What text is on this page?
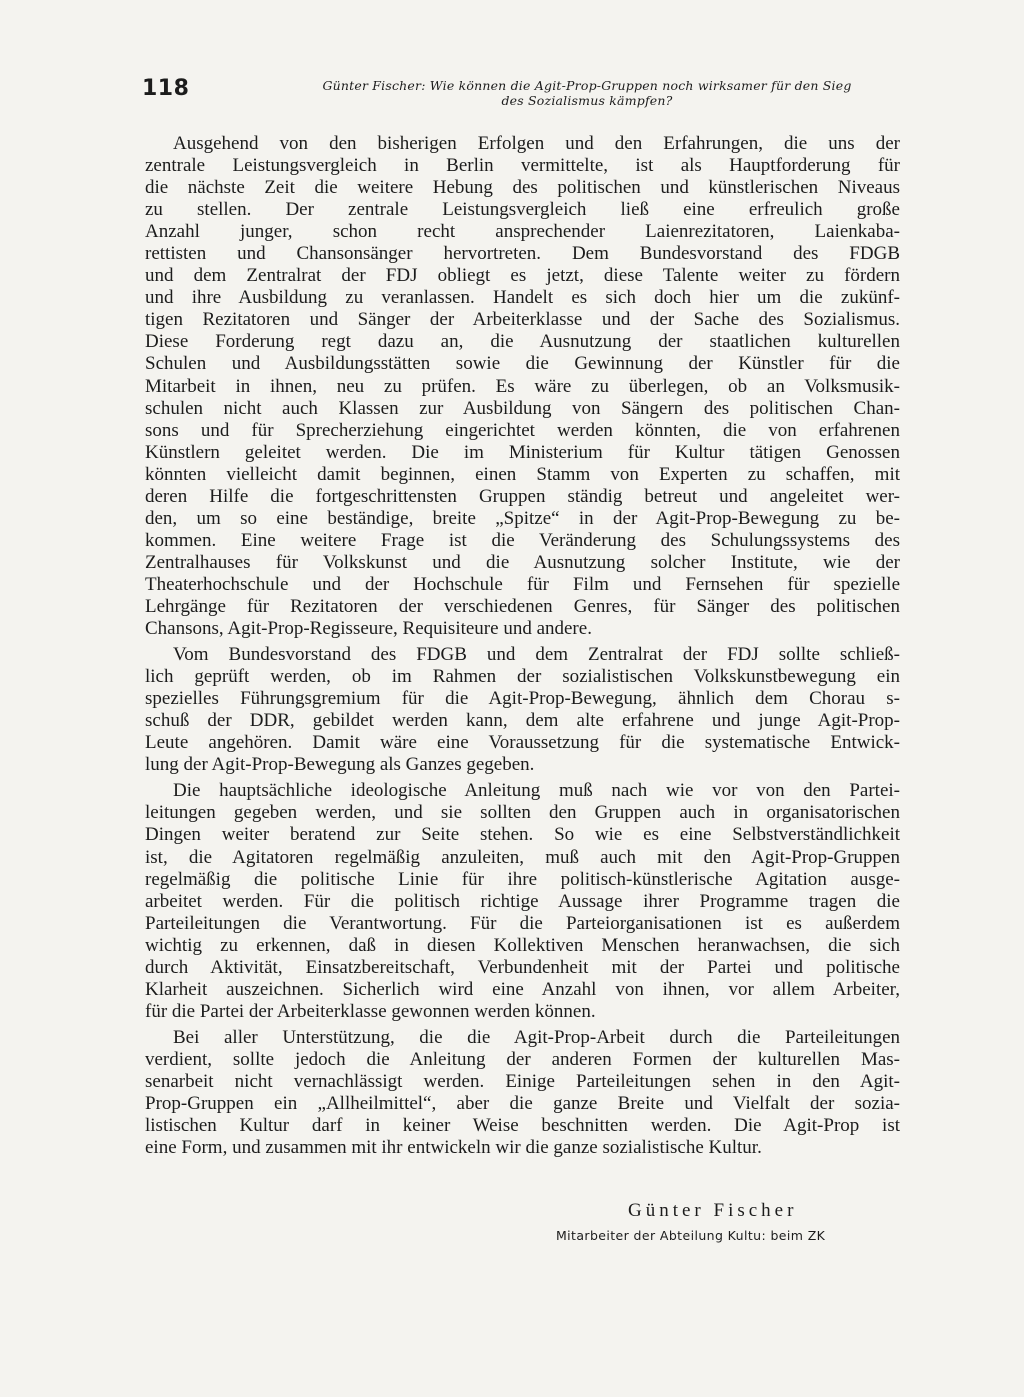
118	Günter Fischer: Wie können die Agit-Prop-Gruppen noch wirksamer für den Sieg
des Sozialismus kämpfen?
Ausgehend von den bisherigen Erfolgen und den Erfahrungen, die uns der
zentrale Leistungsvergleich in Berlin vermittelte, ist als Hauptforderung für
die nächste Zeit die weitere Hebung des politischen und künstlerischen Niveaus
zu stellen. Der zentrale Leistungsvergleich ließ eine erfreulich große
Anzahl junger, schon recht ansprechender Laienrezitatoren, Laienkaba-
rettisten und Chansonsänger hervortreten. Dem Bundesvorstand des FDGB
und dem Zentralrat der FDJ obliegt es jetzt, diese Talente weiter zu fördern
und ihre Ausbildung zu veranlassen. Handelt es sich doch hier um die zukünf-
tigen Rezitatoren und Sänger der Arbeiterklasse und der Sache des Sozialismus.
Diese Forderung regt dazu an, die Ausnutzung der staatlichen kulturellen
Schulen und Ausbildungsstätten sowie die Gewinnung der Künstler für die
Mitarbeit in ihnen, neu zu prüfen. Es wäre zu überlegen, ob an Volksmusik-
schulen nicht auch Klassen zur Ausbildung von Sängern des politischen Chan-
sons und für Sprecherziehung eingerichtet werden könnten, die von erfahrenen
Künstlern geleitet werden. Die im Ministerium für Kultur tätigen Genossen
könnten vielleicht damit beginnen, einen Stamm von Experten zu schaffen, mit
deren Hilfe die fortgeschrittensten Gruppen ständig betreut und angeleitet wer-
den, um so eine beständige, breite „Spitze“ in der Agit-Prop-Bewegung zu be-
kommen. Eine weitere Frage ist die Veränderung des Schulungssystems des
Zentralhauses für Volkskunst und die Ausnutzung solcher Institute, wie der
Theaterhochschule und der Hochschule für Film und Fernsehen für spezielle
Lehrgänge für Rezitatoren der verschiedenen Genres, für Sänger des politischen
Chansons, Agit-Prop-Regisseure, Requisiteure und andere.
Vom Bundesvorstand des FDGB und dem Zentralrat der FDJ sollte schließ-
lich geprüft werden, ob im Rahmen der sozialistischen Volkskunstbewegung ein
spezielles Führungsgremium für die Agit-Prop-Bewegung, ähnlich dem Chorau s-
schuß der DDR, gebildet werden kann, dem alte erfahrene und junge Agit-Prop-
Leute angehören. Damit wäre eine Voraussetzung für die systematische Entwick-
lung der Agit-Prop-Bewegung als Ganzes gegeben.
Die hauptsächliche ideologische Anleitung muß nach wie vor von den Partei-
leitungen gegeben werden, und sie sollten den Gruppen auch in organisatorischen
Dingen weiter beratend zur Seite stehen. So wie es eine Selbstverständlichkeit
ist, die Agitatoren regelmäßig anzuleiten, muß auch mit den Agit-Prop-Gruppen
regelmäßig die politische Linie für ihre politisch-künstlerische Agitation ausge-
arbeitet werden. Für die politisch richtige Aussage ihrer Programme tragen die
Parteileitungen die Verantwortung. Für die Parteiorganisationen ist es außerdem
wichtig zu erkennen, daß in diesen Kollektiven Menschen heranwachsen, die sich
durch Aktivität, Einsatzbereitschaft, Verbundenheit mit der Partei und politische
Klarheit auszeichnen. Sicherlich wird eine Anzahl von ihnen, vor allem Arbeiter,
für die Partei der Arbeiterklasse gewonnen werden können.
Bei aller Unterstützung, die die Agit-Prop-Arbeit durch die Parteileitungen
verdient, sollte jedoch die Anleitung der anderen Formen der kulturellen Mas-
senarbeit nicht vernachlässigt werden. Einige Parteileitungen sehen in den Agit-
Prop-Gruppen ein „Allheilmittel“, aber die ganze Breite und Vielfalt der sozia-
listischen Kultur darf in keiner Weise beschnitten werden. Die Agit-Prop ist
eine Form, und zusammen mit ihr entwickeln wir die ganze sozialistische Kultur.
Günter Fischer
Mitarbeiter der Abteilung Kultu: beim ZK
